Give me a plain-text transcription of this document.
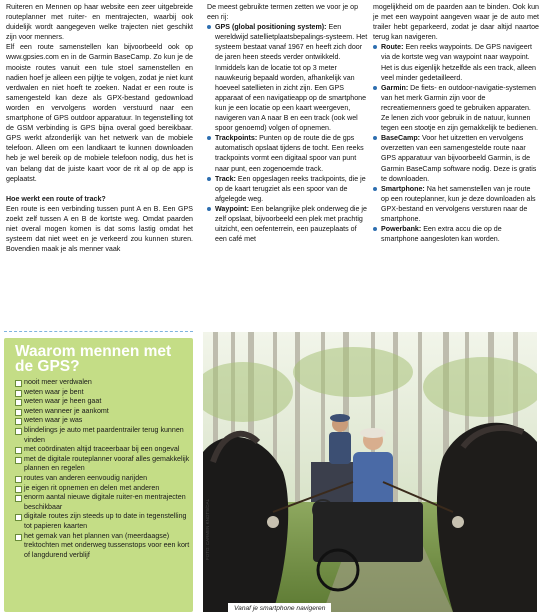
Ruiteren en Mennen op haar website een zeer uitgebreide routeplanner met ruiter- en mentrajecten, waarbij ook duidelijk wordt aangegeven welke trajecten niet geschikt zijn voor menners.

Elf een route samenstellen kan bijvoorbeeld ook op www.gpsies.com en in de Garmin BaseCamp. Zo kun je de mooiste routes vanuit een tule stoel samenstellen en nadien hoef je alleen een pijltje te volgen, zodat je niet kunt verdwalen en niet hoeft te zoeken. Nadat er een route is samengesteld kan deze als GPX-bestand gedownload worden en vervolgens worden verstuurd naar een smartphone of GPS outdoor apparatuur. In tegenstelling tot de GSM verbinding is GPS bijna overal goed bereikbaar. GPS werkt afzonderlijk van het netwerk van de mobiele telefoon. Alleen om een landkaart te kunnen downloaden heb je wel bereik op de mobiele telefoon nodig, dus het is van belang dat de juiste kaart voor de rit al op de app is geplaatst.

Hoe werkt een route of track?

Een route is een verbinding tussen punt A en B. Een GPS zoekt zelf tussen A en B de kortste weg. Omdat paarden niet overal mogen komen is dat soms lastig omdat het systeem dat niet weet en je verkeerd zou kunnen sturen. Bovendien maak je als menner vaak

De meest gebruikte termen zetten we voor je op een rij:

GPS (global positioning system): Een wereldwijd satellietplaatsbepalings-systeem. Het systeem bestaat vanaf 1967 en heeft zich door de jaren heen steeds verder ontwikkeld. Inmiddels kan de locatie tot op 3 meter nauwkeurig bepaald worden, afhankelijk van hoeveel satellieten in zicht zijn. Een GPS apparaat of een navigatieapp op de smartphone kun je een locatie op een kaart weergeven, navigeren van A naar B en een track (ook wel spoor genoemd) volgen of opnemen.

Trackpoints: Punten op de route die de gps automatisch opslaat tijdens de tocht. Een reeks trackpoints vormt een digitaal spoor van punt naar punt, een zogenoemde track.

Track: Een opgeslagen reeks trackpoints, die je op de kaart terugziet als een spoor van de afgelegde weg.

Waypoint: Een belangrijke plek onderweg die je zelf opslaat, bijvoorbeeld een plek met prachtig uitzicht, een oefenterrein, een pauzeplaats of een café met

mogelijkheid om de paarden aan te binden. Ook kun je met een waypoint aangeven waar je de auto met trailer hebt geparkeerd, zodat je daar altijd naartoe terug kan navigeren.

Route: Een reeks waypoints. De GPS navigeert via de kortste weg van waypoint naar waypoint. Het is dus eigenlijk hetzelfde als een track, alleen veel minder gedetailleerd.

Garmin: De fiets- en outdoor-navigatie-systemen van het merk Garmin zijn voor de recreatiemenners goed te gebruiken apparaten. Ze lenen zich voor gebruik in de natuur, kunnen tegen een stootje en zijn gemakkelijk te bedienen.

BaseCamp: Voor het uitzetten en vervolgens overzetten van een samengestelde route naar GPS apparatuur van bijvoorbeeld Garmin, is de Garmin BaseCamp software nodig. Deze is gratis te downloaden.

Smartphone: Na het samenstellen van je route op een routeplanner, kun je deze downloaden als GPX-bestand en vervolgens versturen naar de smartphone.

Powerbank: Een extra accu die op de smartphone aangesloten kan worden.

Waarom mennen met de GPS?
nooit meer verdwalen
weten waar je bent
weten waar je heen gaat
weten wanneer je aankomt
weten waar je was
blindelings je auto met paardentrailer terug kunnen vinden
met coördinaten altijd traceerbaar bij een ongeval
met de digitale routeplanner vooraf alles gemakkelijk plannen en regelen
routes van anderen eenvoudig narijden
je eigen rit opnemen en delen met anderen
enorm aantal nieuwe digitale ruiter-en mentrajecten beschikbaar
digitale routes zijn steeds up to date in tegenstelling tot papieren kaarten
het gemak van het plannen van (meerdaagse) trektochten met onderweg tussenstops voor een kort of langdurend verblijf	FOTO: CARMEN KNOTS/DAL
Vanaf je smartphone navigeren
